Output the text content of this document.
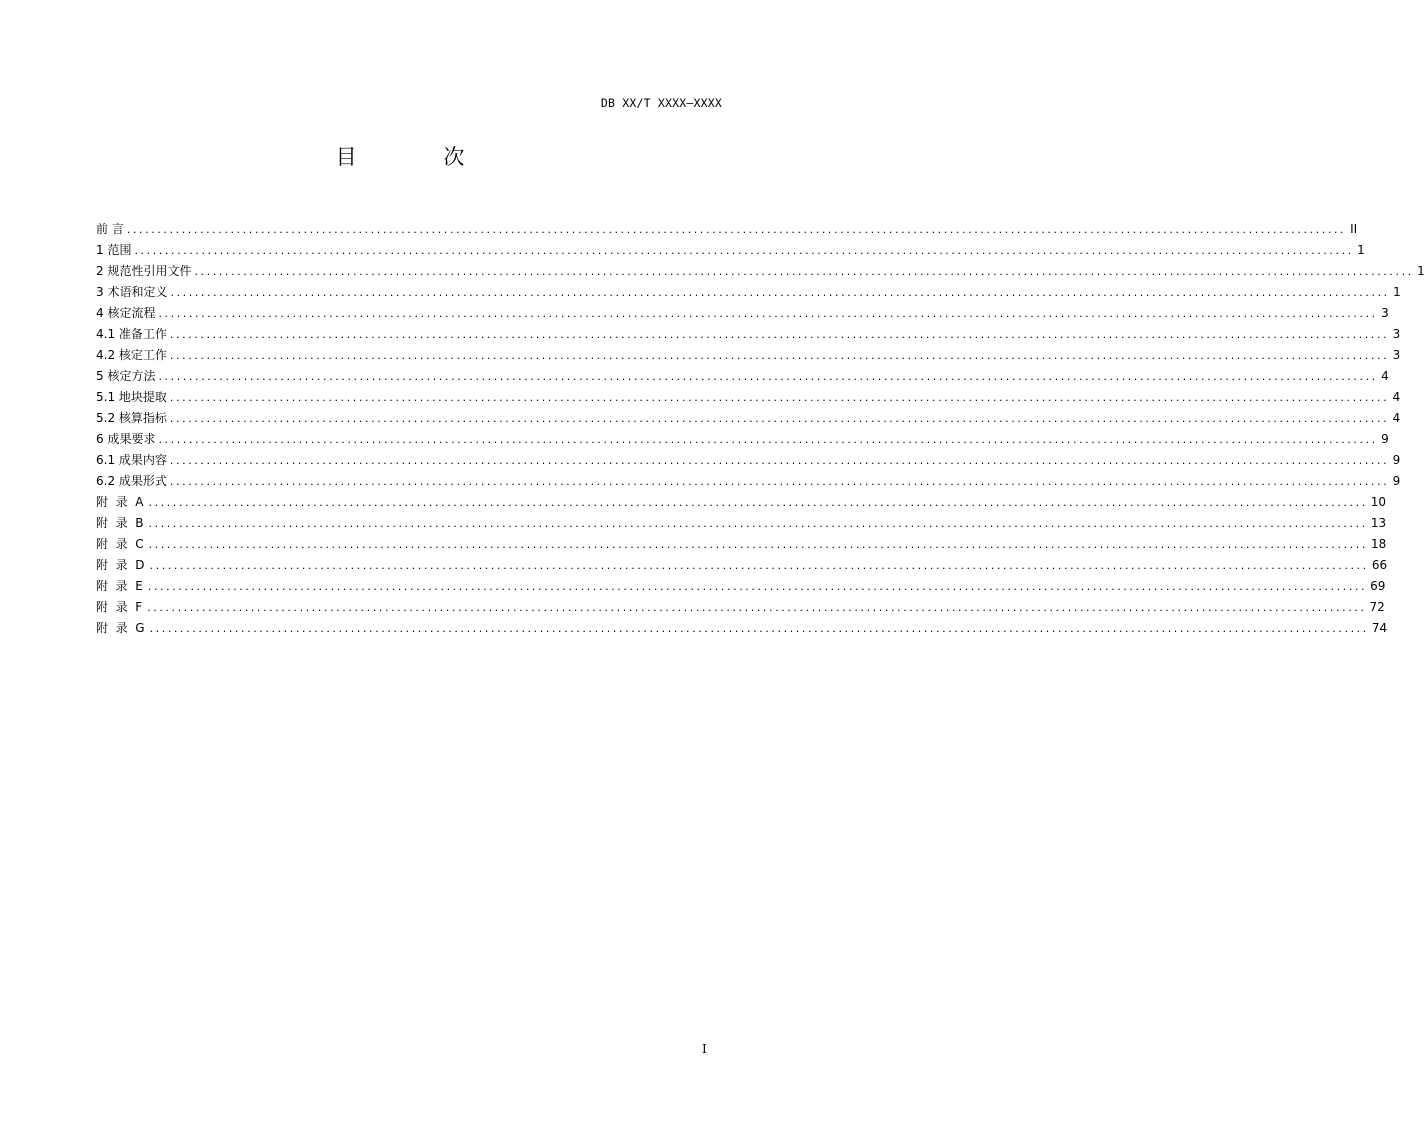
DB XX/T XXXX—XXXX
目 次
前 言 ........................................................................................................................................................................................................ II
1 范围 ........................................................................................................................................................................................................ 1
2 规范性引用文件 ........................................................................................................................................................................................................ 1
3 术语和定义 ........................................................................................................................................................................................................ 1
4 核定流程 ........................................................................................................................................................................................................ 3
4.1 准备工作 ........................................................................................................................................................................................................ 3
4.2 核定工作 ........................................................................................................................................................................................................ 3
5 核定方法 ........................................................................................................................................................................................................ 4
5.1 地块提取 ........................................................................................................................................................................................................ 4
5.2 核算指标 ........................................................................................................................................................................................................ 4
6 成果要求 ........................................................................................................................................................................................................ 9
6.1 成果内容 ........................................................................................................................................................................................................ 9
6.2 成果形式 ........................................................................................................................................................................................................ 9
附  录  A ........................................................................................................................................................................................................ 10
附  录  B ........................................................................................................................................................................................................ 13
附  录  C ........................................................................................................................................................................................................ 18
附  录  D ........................................................................................................................................................................................................ 66
附  录  E ........................................................................................................................................................................................................ 69
附  录  F ........................................................................................................................................................................................................ 72
附  录  G ........................................................................................................................................................................................................ 74
I
